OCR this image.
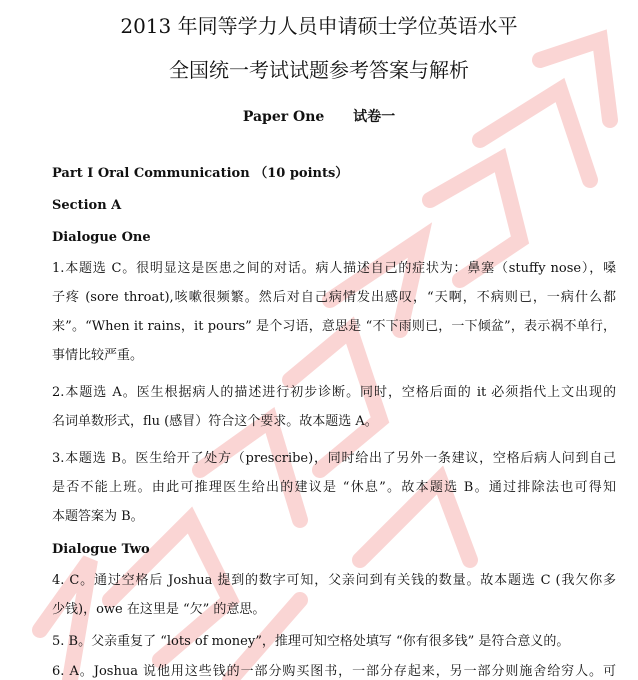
2013 年同等学力人员申请硕士学位英语水平
全国统一考试试题参考答案与解析
Paper One 试卷一
Part I Oral Communication （10 points）
Section A
Dialogue One
1.本题选 C。很明显这是医患之间的对话。病人描述自己的症状为：鼻塞（stuffy nose），嗓
子疼 (sore throat),咳嗽很频繁。然后对自己病情发出感叹，“天啊，不病则已，一病什么都
来”。“When it rains，it pours” 是个习语，意思是 “不下雨则已，一下倾盆”，表示祸不单行，
事情比较严重。
2.本题选 A。医生根据病人的描述进行初步诊断。同时，空格后面的 it 必须指代上文出现的
名词单数形式，flu (感冒）符合这个要求。故本题选 A。
3.本题选 B。医生给开了处方（prescribe)，同时给出了另外一条建议，空格后病人问到自己
是否不能上班。由此可推理医生给出的建议是 “休息”。故本题选 B。通过排除法也可得知
本题答案为 B。
Dialogue Two
4. C。通过空格后 Joshua 提到的数字可知，父亲问到有关钱的数量。故本题选 C (我欠你多
少钱)，owe 在这里是 “欠” 的意思。
5. B。父亲重复了 “lots of money”，推理可知空格处填写 “你有很多钱” 是符合意义的。
6. A。Joshua 说他用这些钱的一部分购买图书，一部分存起来，另一部分则施舍给穷人。可
